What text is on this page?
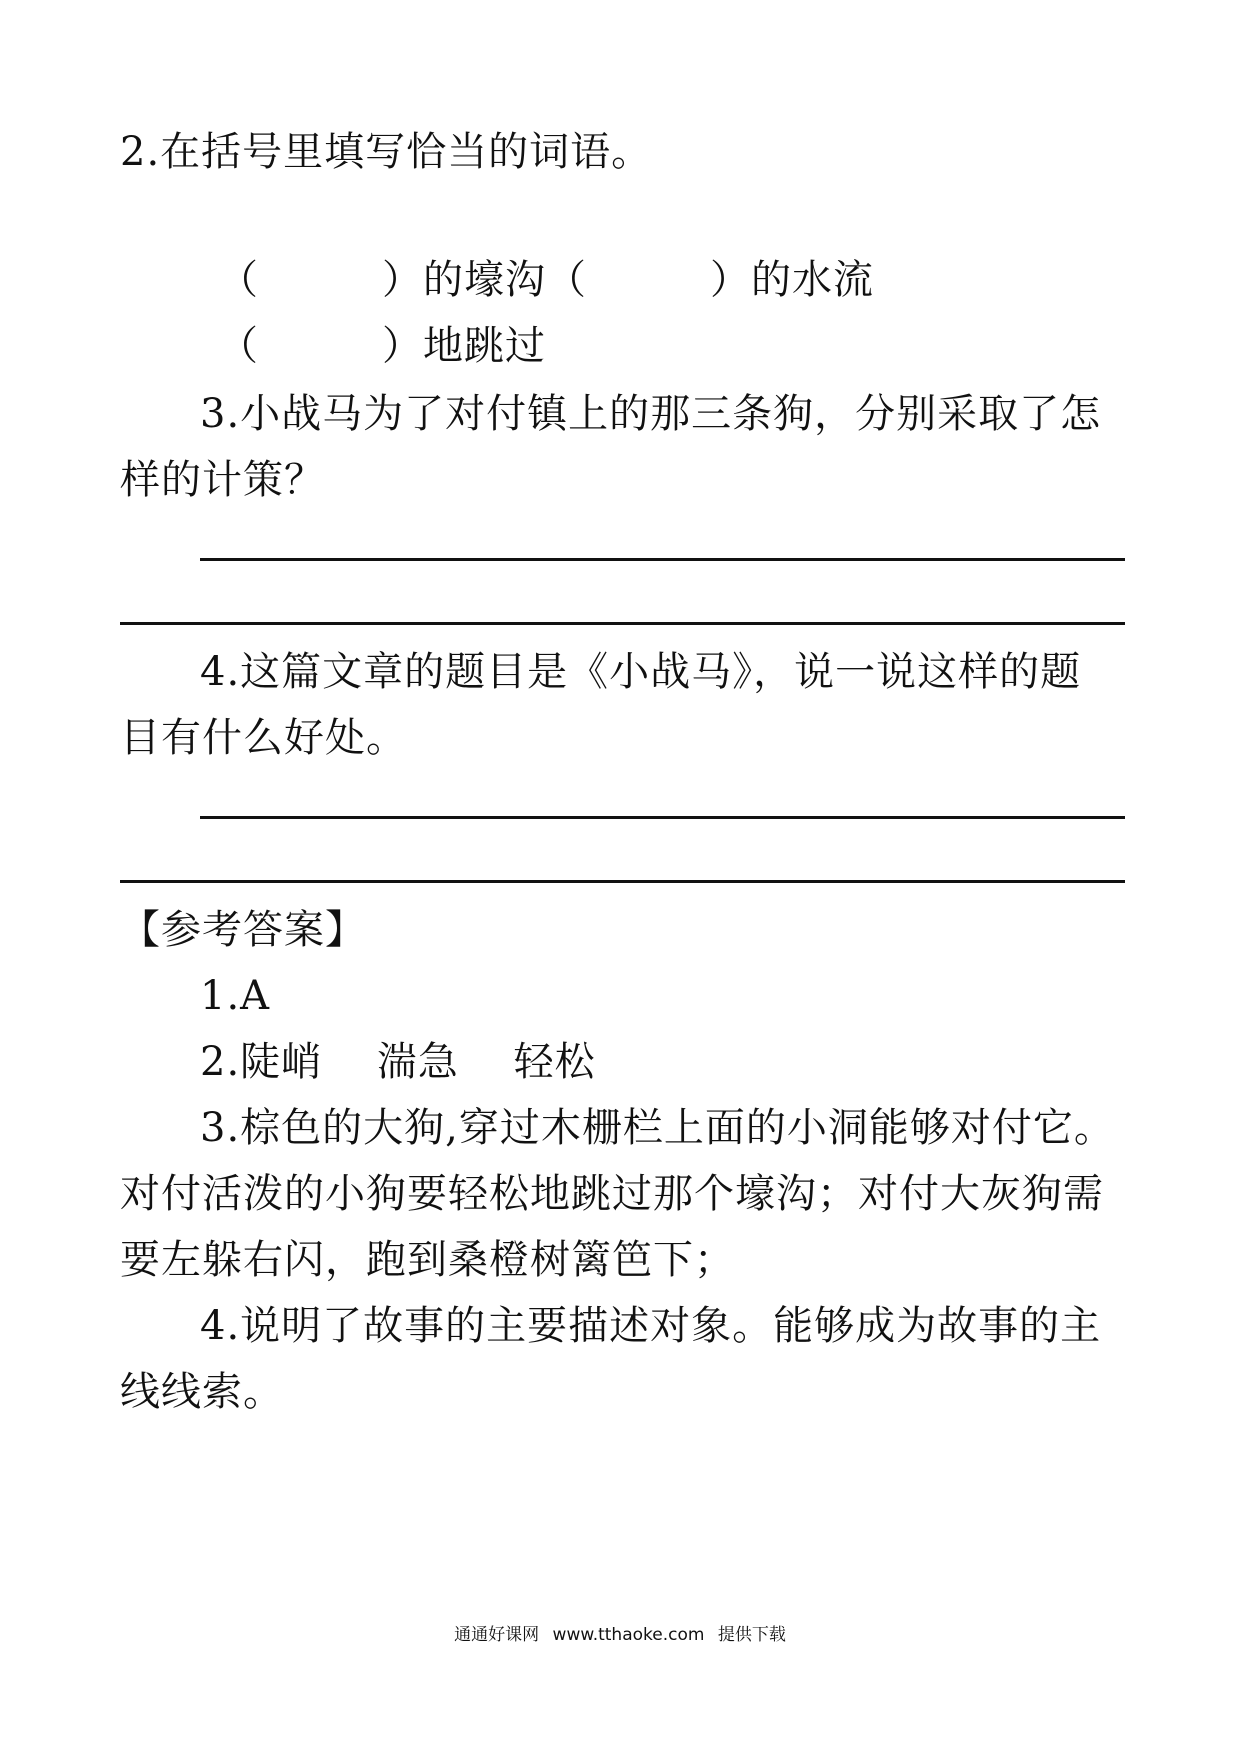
2.在括号里填写恰当的词语。
（　　　）的壕沟（　　　）的水流
（　　　）地跳过
3.小战马为了对付镇上的那三条狗，分别采取了怎
样的计策？
4.这篇文章的题目是《小战马》，说一说这样的题
目有什么好处。
【参考答案】
1.A
2.陡峭　 湍急　 轻松
3.棕色的大狗,穿过木栅栏上面的小洞能够对付它。
对付活泼的小狗要轻松地跳过那个壕沟；对付大灰狗需
要左躲右闪，跑到桑橙树篱笆下；
4.说明了故事的主要描述对象。能够成为故事的主
线线索。
通通好课网 www.tthaoke.com 提供下载
